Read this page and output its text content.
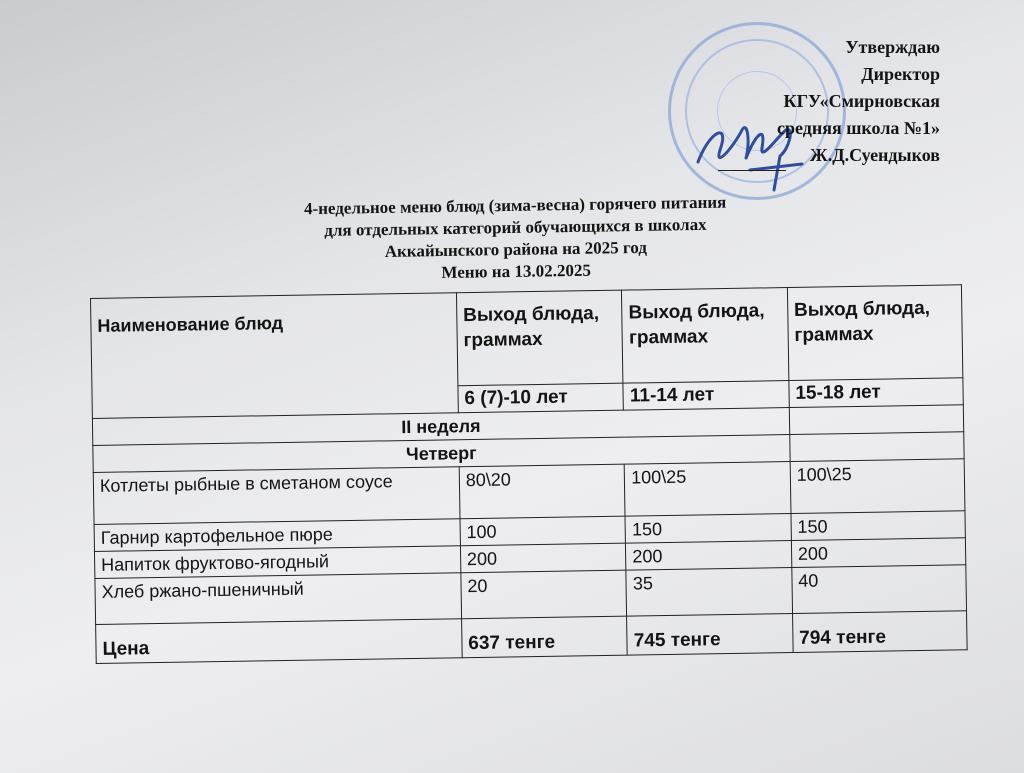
Утверждаю
Директор
КГУ«Смирновская
средняя школа №1»
Ж.Д.Суендыков
4-недельное меню блюд (зима-весна) горячего питания
для отдельных категорий обучающихся в школах
Аккайынского района на 2025 год
Меню на 13.02.2025
Наименование блюд	Выход блюда, граммах	Выход блюда, граммах	Выход блюда, граммах
	6 (7)-10 лет	11-14 лет	15-18 лет
II неделя			
Четверг			
Котлеты рыбные в сметаном соусе	80\20	100\25	100\25
Гарнир картофельное пюре	100	150	150
Напиток фруктово-ягодный	200	200	200
Хлеб ржано-пшеничный	20	35	40
Цена	637 тенге	745 тенге	794 тенге
